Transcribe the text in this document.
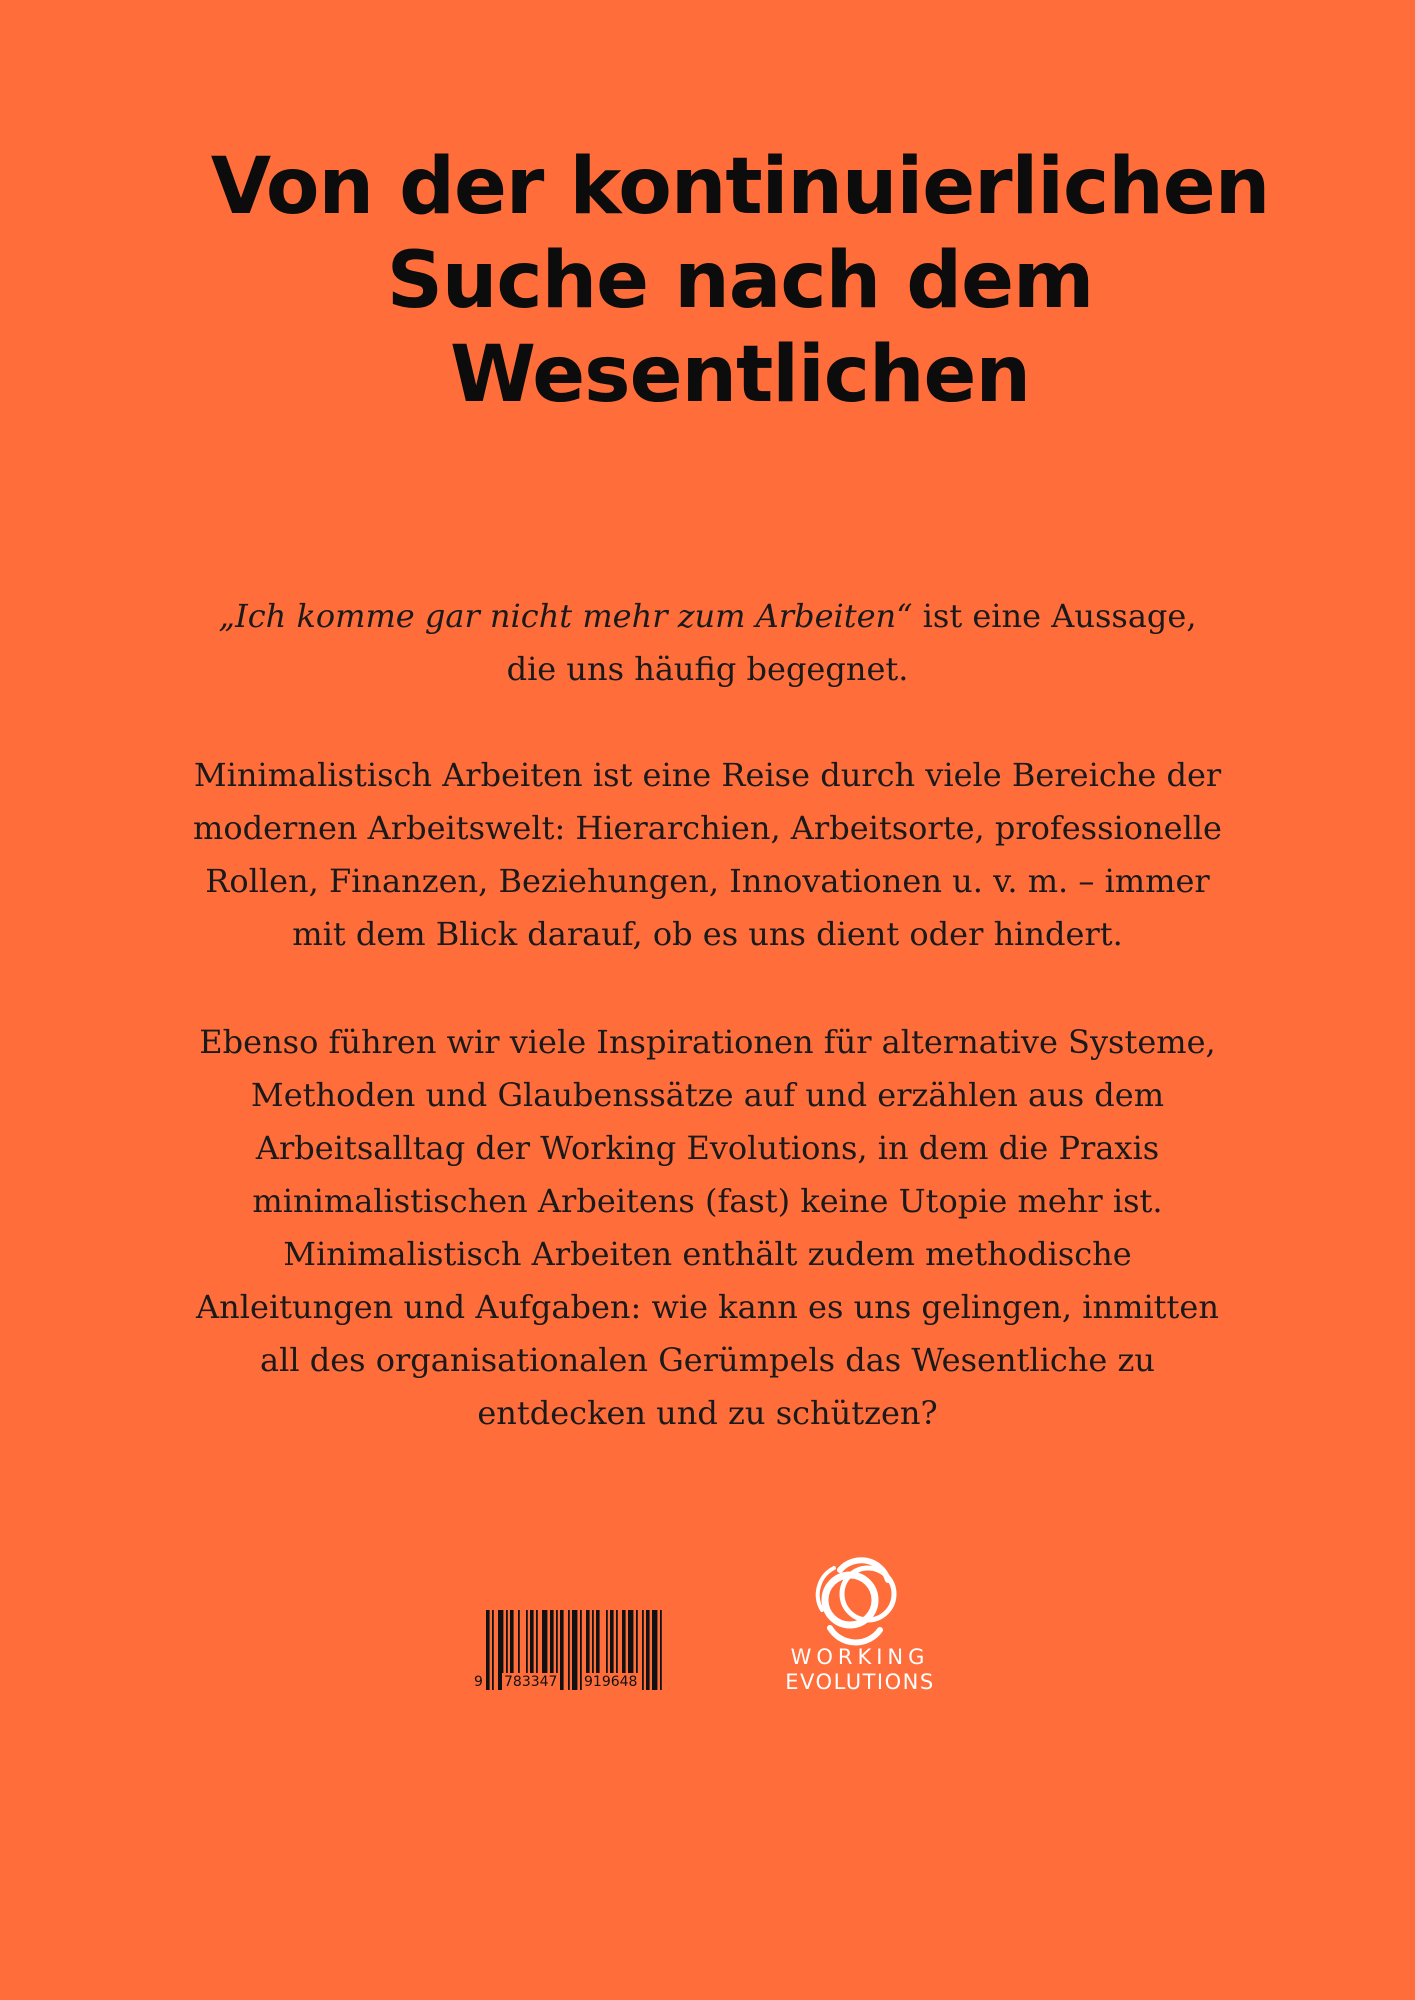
Von der kontinuierlichen
Suche nach dem
Wesentlichen
„Ich komme gar nicht mehr zum Arbeiten“ ist eine Aussage,
die uns häufig begegnet.
Minimalistisch Arbeiten ist eine Reise durch viele Bereiche der
modernen Arbeitswelt: Hierarchien, Arbeitsorte, professionelle
Rollen, Finanzen, Beziehungen, Innovationen u. v. m. – immer
mit dem Blick darauf, ob es uns dient oder hindert.
Ebenso führen wir viele Inspirationen für alternative Systeme,
Methoden und Glaubenssätze auf und erzählen aus dem
Arbeitsalltag der Working Evolutions, in dem die Praxis
minimalistischen Arbeitens (fast) keine Utopie mehr ist.
Minimalistisch Arbeiten enthält zudem methodische
Anleitungen und Aufgaben: wie kann es uns gelingen, inmitten
all des organisationalen Gerümpels das Wesentliche zu
entdecken und zu schützen?
9 783347 919648
WORKING
EVOLUTIONS
